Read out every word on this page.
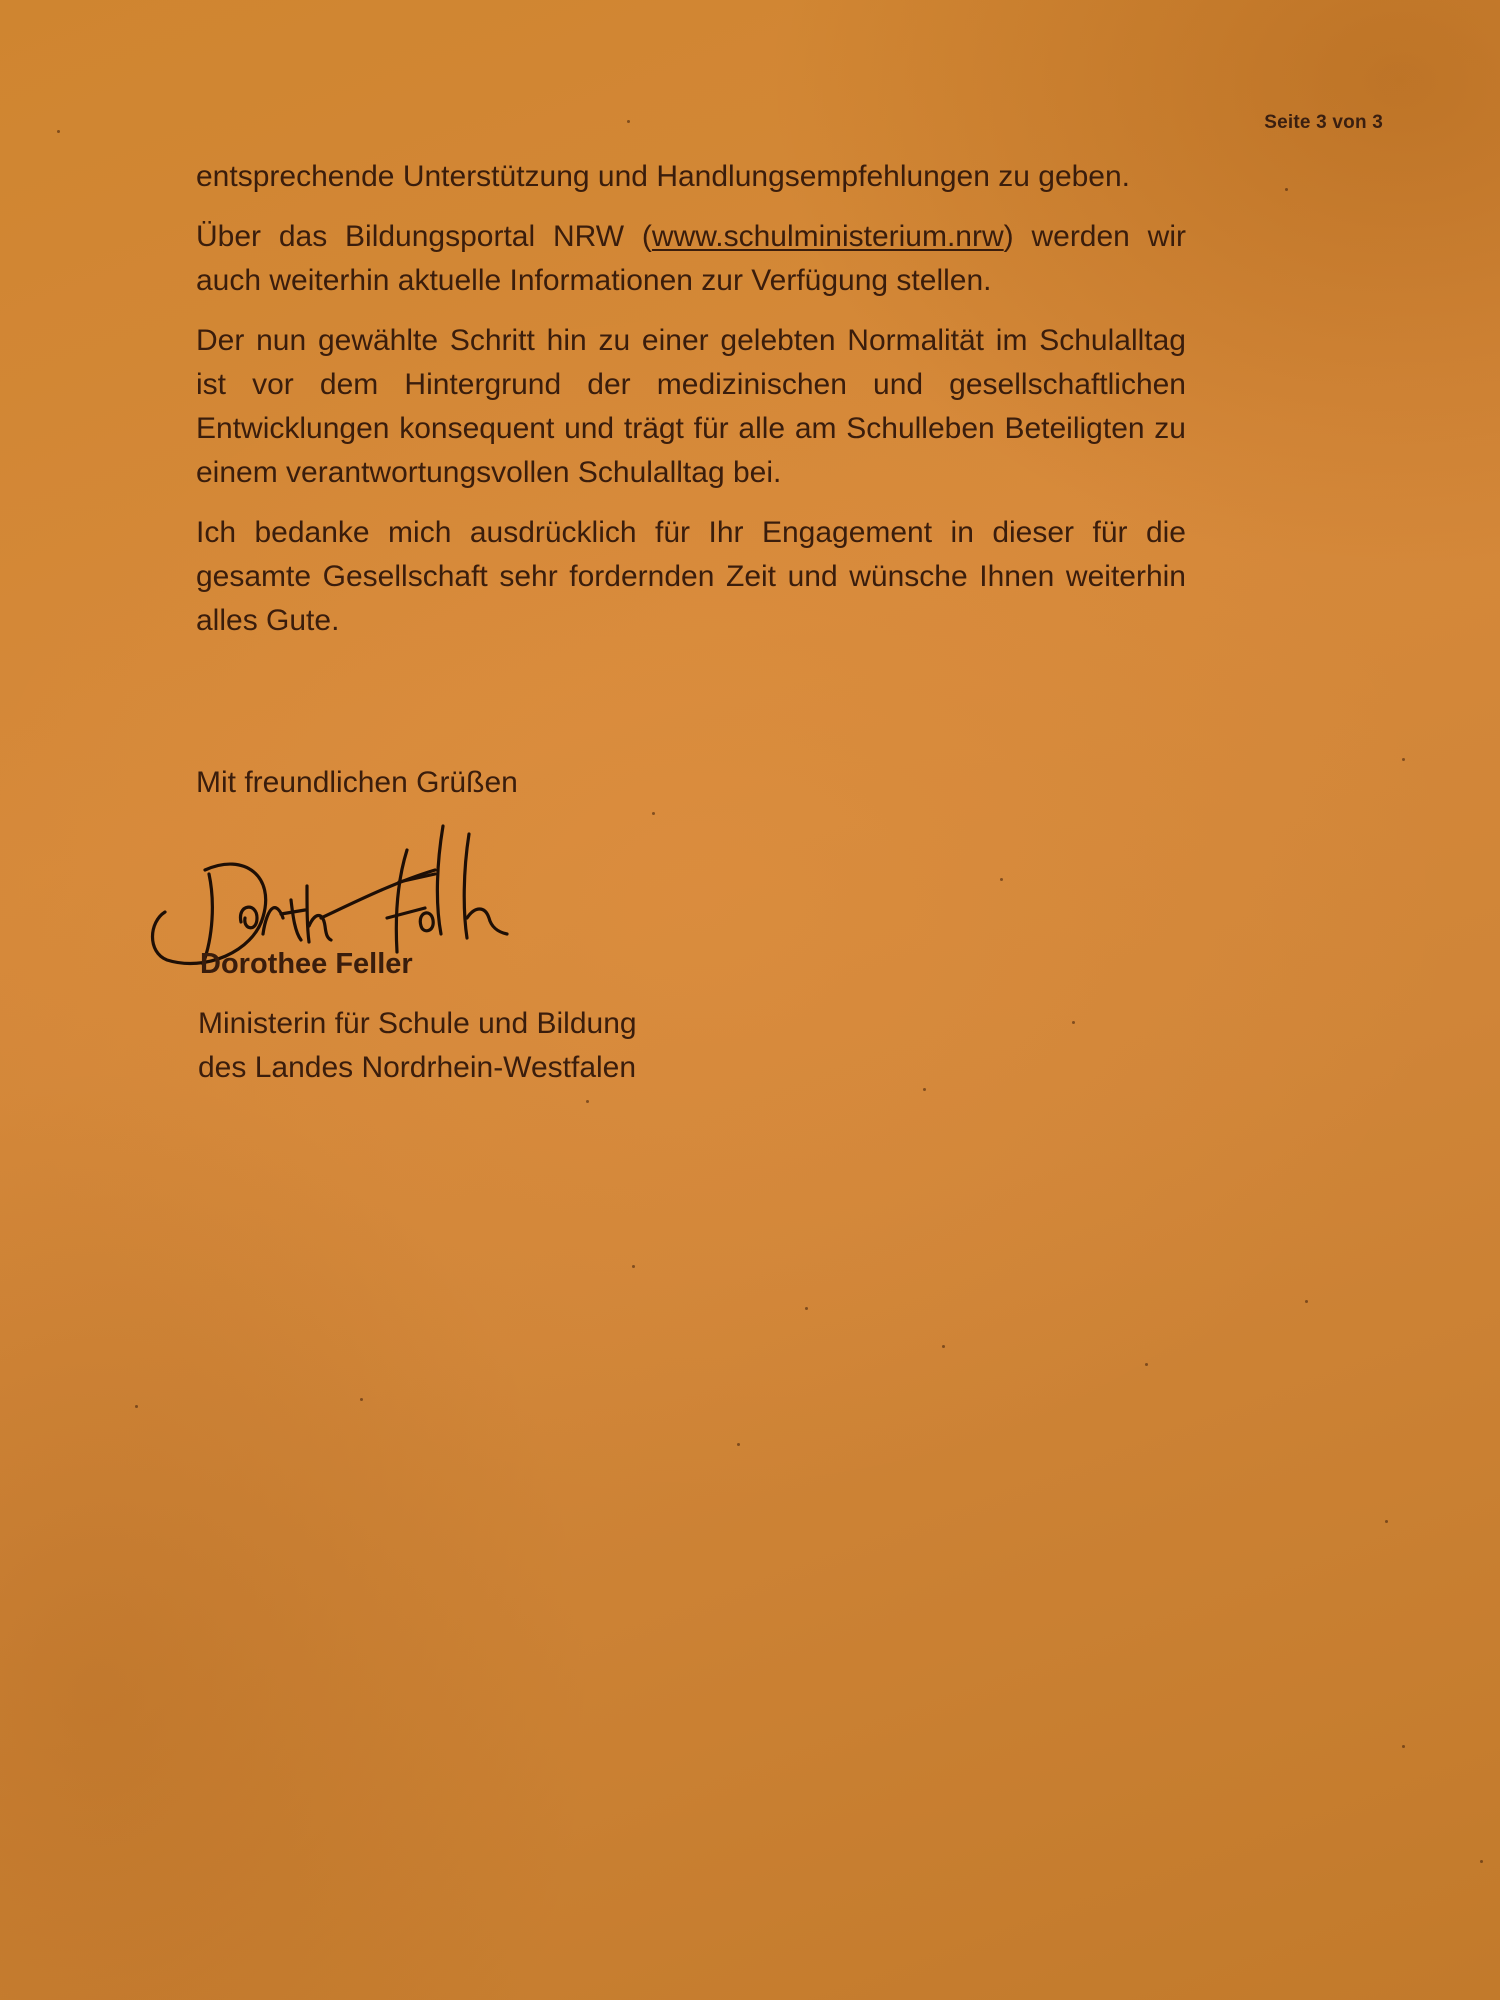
Seite 3 von 3

entsprechende Unterstützung und Handlungsempfehlungen zu geben.

Über das Bildungsportal NRW (www.schulministerium.nrw) werden wir auch weiterhin aktuelle Informationen zur Verfügung stellen.

Der nun gewählte Schritt hin zu einer gelebten Normalität im Schulalltag ist vor dem Hintergrund der medizinischen und gesellschaftlichen Entwicklungen konsequent und trägt für alle am Schulleben Beteiligten zu einem verantwortungsvollen Schulalltag bei.

Ich bedanke mich ausdrücklich für Ihr Engagement in dieser für die gesamte Gesellschaft sehr fordernden Zeit und wünsche Ihnen weiterhin alles Gute.

Mit freundlichen Grüßen
Dorothee Feller
Ministerin für Schule und Bildung
des Landes Nordrhein-Westfalen
